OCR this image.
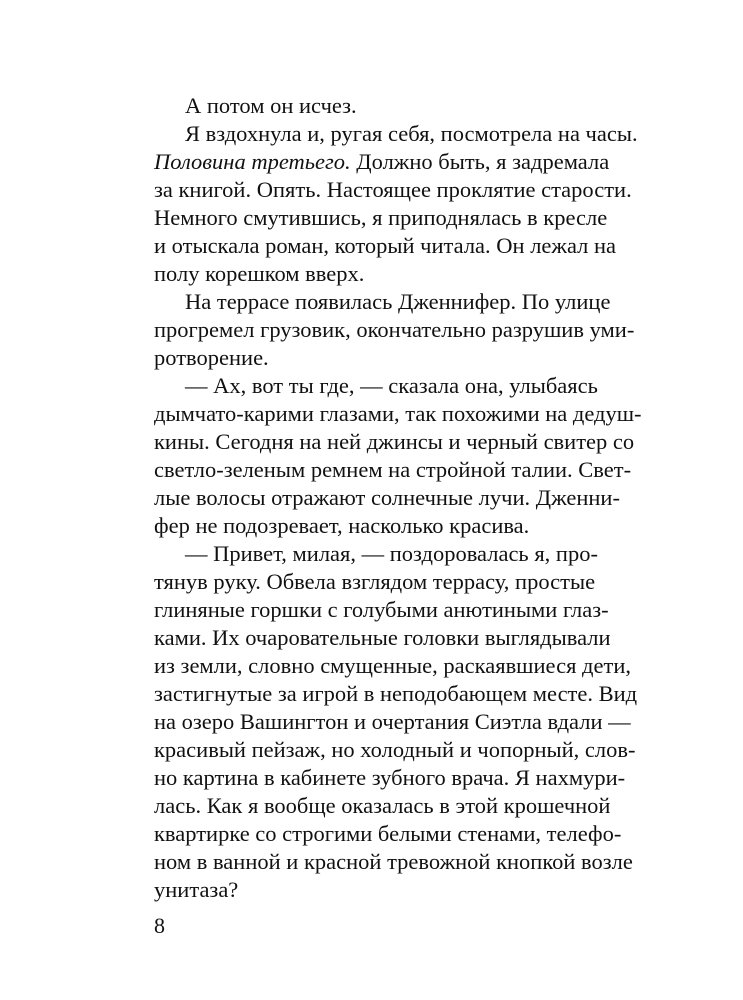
А потом он исчез.
Я вздохнула и, ругая себя, посмотрела на часы.
Половина третьего. Должно быть, я задремала
за книгой. Опять. Настоящее проклятие старости.
Немного смутившись, я приподнялась в кресле
и отыскала роман, который читала. Он лежал на
полу корешком вверх.
На террасе появилась Дженнифер. По улице
прогремел грузовик, окончательно разрушив уми-
ротворение.
— Ах, вот ты где, — сказала она, улыбаясь
дымчато-карими глазами, так похожими на дедуш-
кины. Сегодня на ней джинсы и черный свитер со
светло-зеленым ремнем на стройной талии. Свет-
лые волосы отражают солнечные лучи. Дженни-
фер не подозревает, насколько красива.
— Привет, милая, — поздоровалась я, про-
тянув руку. Обвела взглядом террасу, простые
глиняные горшки с голубыми анютиными глаз-
ками. Их очаровательные головки выглядывали
из земли, словно смущенные, раскаявшиеся дети,
застигнутые за игрой в неподобающем месте. Вид
на озеро Вашингтон и очертания Сиэтла вдали —
красивый пейзаж, но холодный и чопорный, слов-
но картина в кабинете зубного врача. Я нахмури-
лась. Как я вообще оказалась в этой крошечной
квартирке со строгими белыми стенами, телефо-
ном в ванной и красной тревожной кнопкой возле
унитаза?
8
